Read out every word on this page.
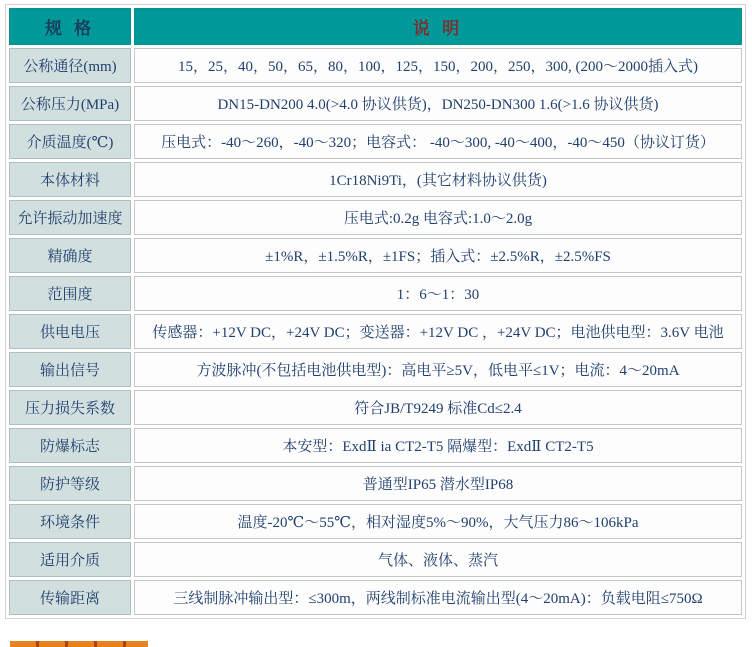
规 格	说 明
公称通径(mm)	15，25，40，50，65，80，100，125，150，200，250，300, (200～2000插入式)
公称压力(MPa)	DN15-DN200 4.0(>4.0 协议供货)，DN250-DN300 1.6(>1.6 协议供货)
介质温度(℃)	压电式：-40～260，-40～320；电容式： -40～300, -40～400，-40～450（协议订货）
本体材料	1Cr18Ni9Ti，(其它材料协议供货)
允许振动加速度	压电式:0.2g 电容式:1.0～2.0g
精确度	±1%R，±1.5%R，±1FS；插入式：±2.5%R，±2.5%FS
范围度	1：6～1：30
供电电压	传感器：+12V DC，+24V DC；变送器：+12V DC ，+24V DC；电池供电型：3.6V 电池
输出信号	方波脉冲(不包括电池供电型)：高电平≥5V，低电平≤1V；电流：4～20mA
压力损失系数	符合JB/T9249 标准Cd≤2.4
防爆标志	本安型：ExdⅡ ia CT2-T5 隔爆型：ExdⅡ CT2-T5
防护等级	普通型IP65 潜水型IP68
环境条件	温度-20℃～55℃，相对湿度5%～90%，大气压力86～106kPa
适用介质	气体、液体、蒸汽
传输距离	三线制脉冲输出型：≤300m，两线制标准电流输出型(4～20mA)：负载电阻≤750Ω
